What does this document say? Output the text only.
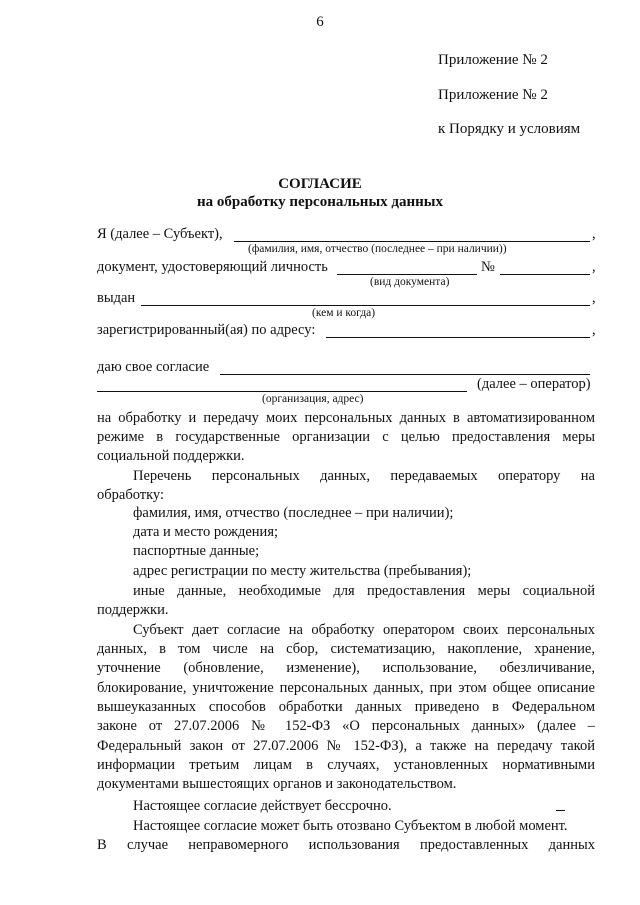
6
Приложение № 2
Приложение № 2
к Порядку и условиям
СОГЛАСИЕ
на обработку персональных данных
Я (далее – Субъект),	,
(фамилия, имя, отчество (последнее – при наличии))
документ, удостоверяющий личность	№	,
(вид документа)
выдан	,
(кем и когда)
зарегистрированный(ая) по адресу:	,
даю свое согласие
(далее – оператор)
(организация, адрес)
на обработку и передачу моих персональных данных в автоматизированном
режиме в государственные организации с целью предоставления меры
социальной поддержки.
Перечень персональных данных, передаваемых оператору на
обработку:
фамилия, имя, отчество (последнее – при наличии);
дата и место рождения;
паспортные данные;
адрес регистрации по месту жительства (пребывания);
иные данные, необходимые для предоставления меры социальной
поддержки.
Субъект дает согласие на обработку оператором своих персональных
данных, в том числе на сбор, систематизацию, накопление, хранение,
уточнение (обновление, изменение), использование, обезличивание,
блокирование, уничтожение персональных данных, при этом общее описание
вышеуказанных способов обработки данных приведено в Федеральном
законе от 27.07.2006 № 152-ФЗ «О персональных данных» (далее –
Федеральный закон от 27.07.2006 № 152-ФЗ), а также на передачу такой
информации третьим лицам в случаях, установленных нормативными
документами вышестоящих органов и законодательством.
Настоящее согласие действует бессрочно.
Настоящее согласие может быть отозвано Субъектом в любой момент.
В случае неправомерного использования предоставленных данных
